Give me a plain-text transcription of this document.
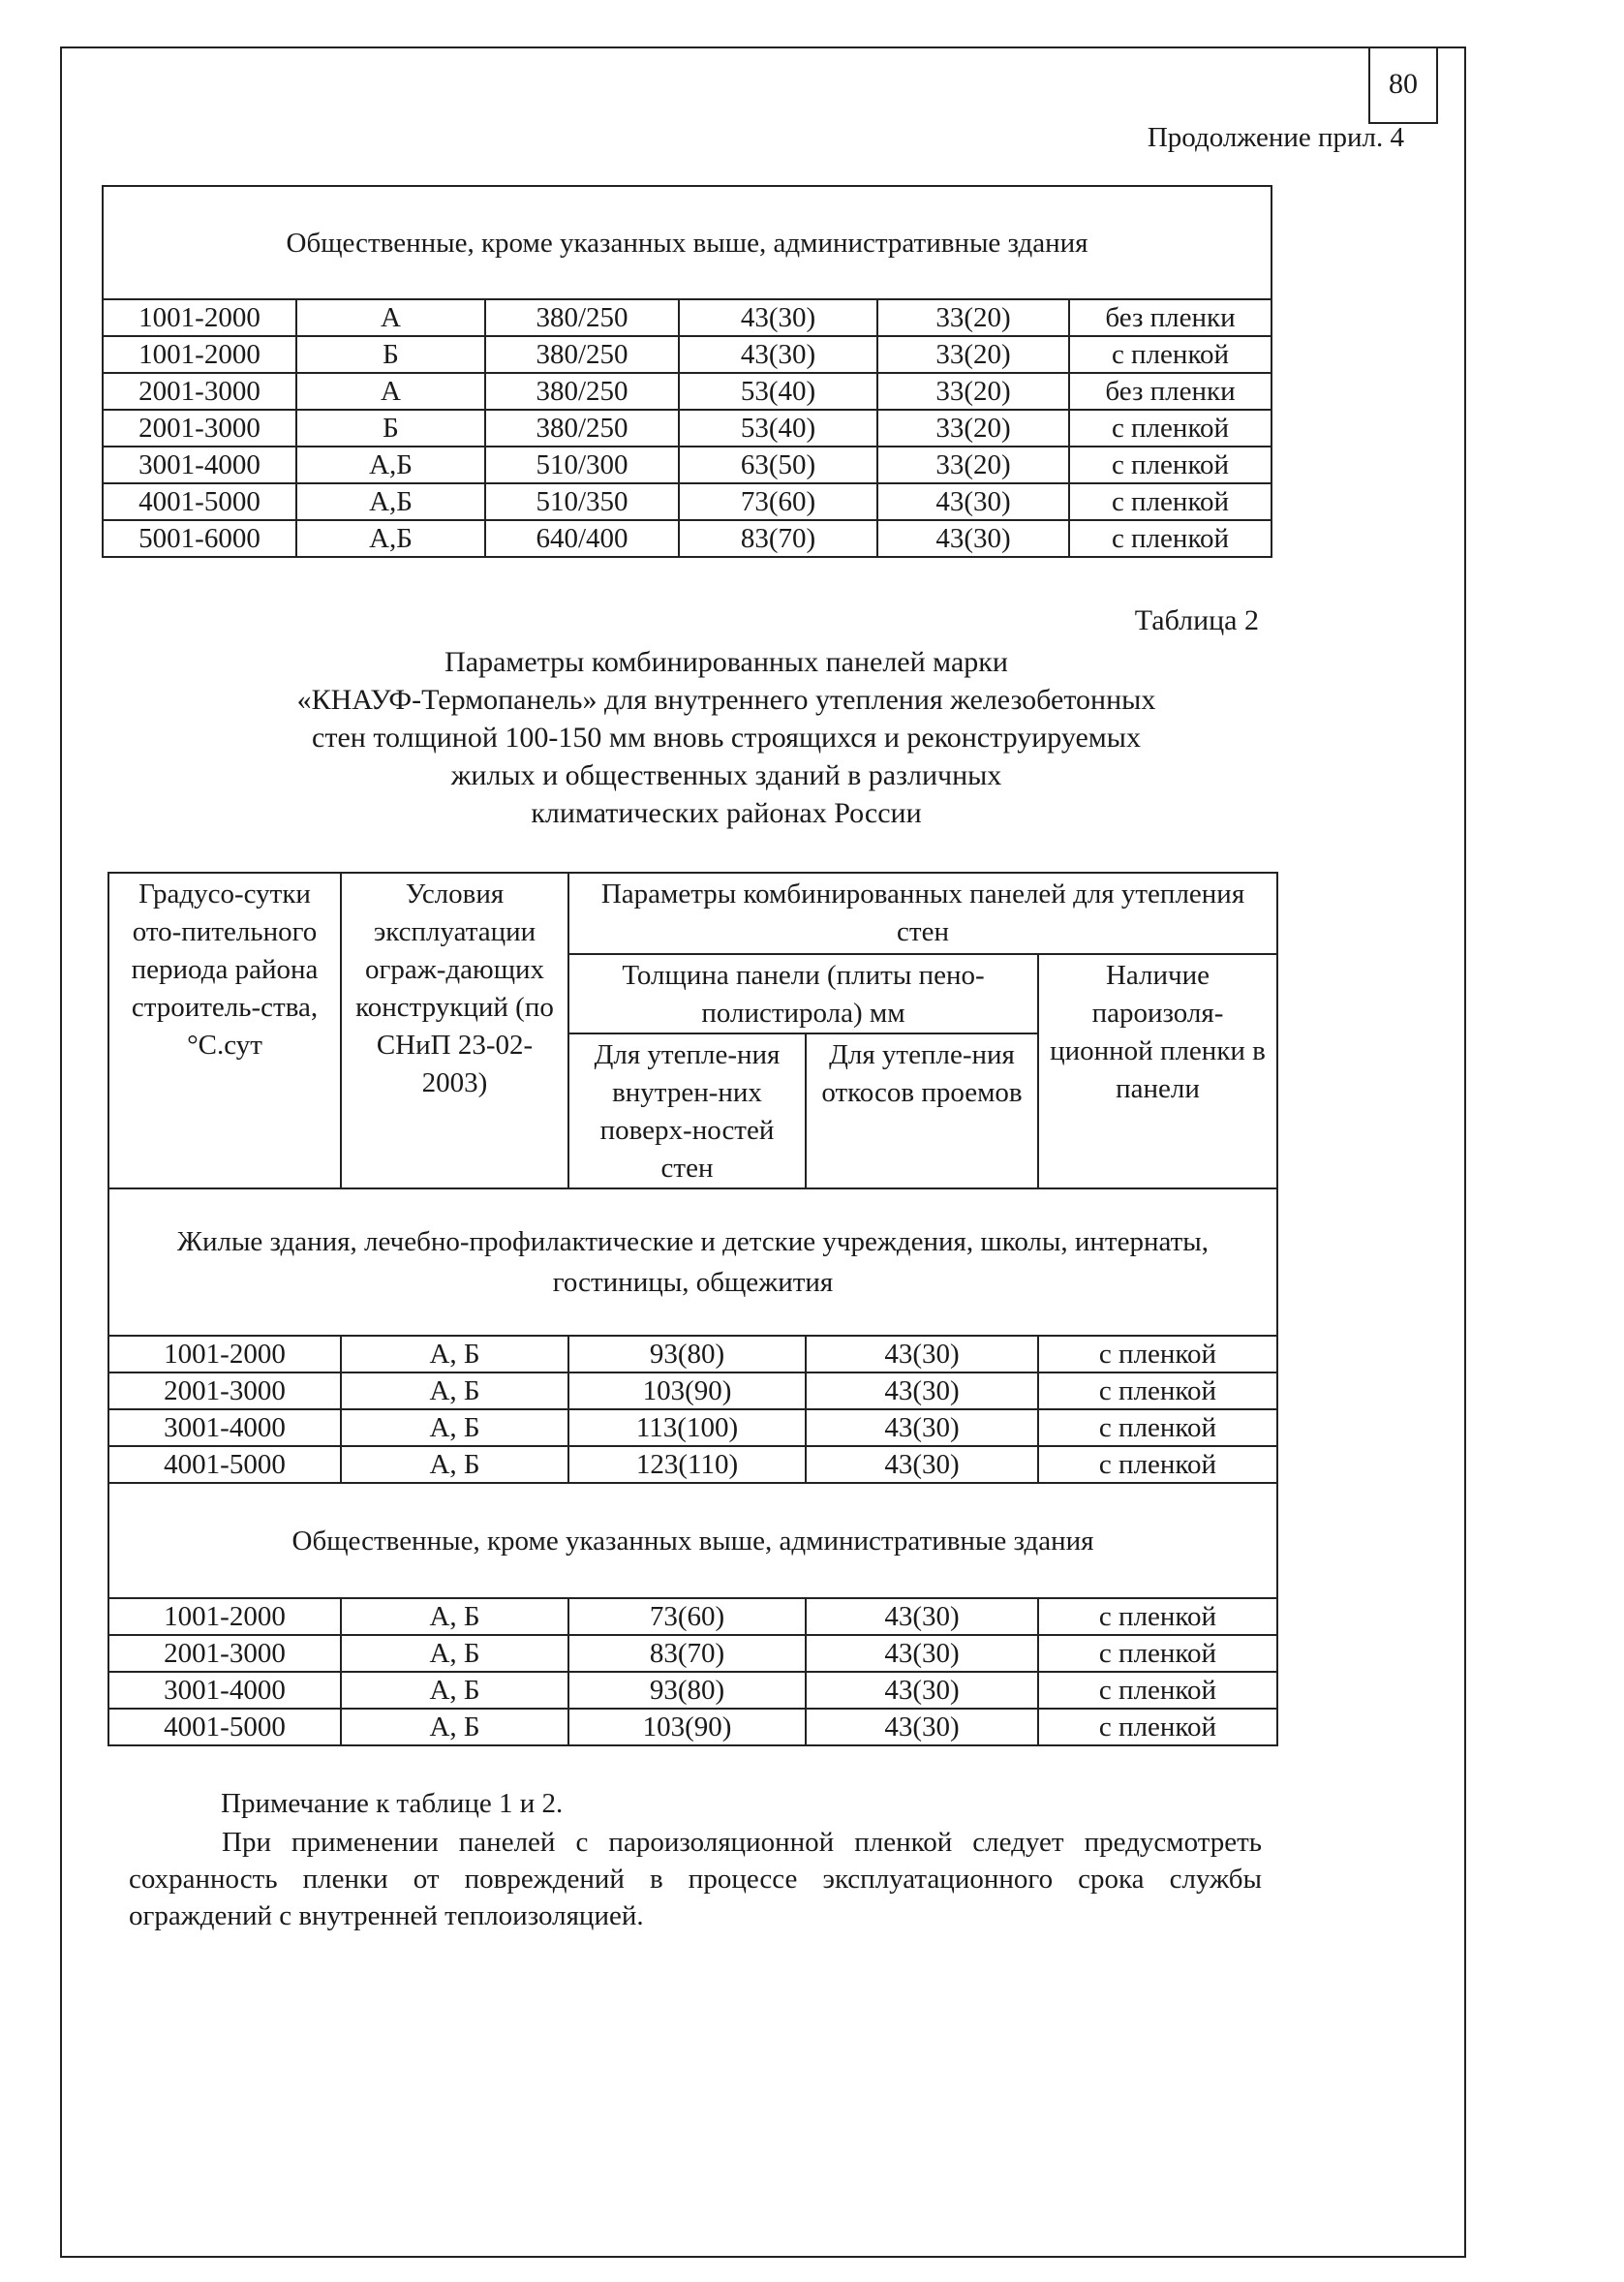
80
Продолжение прил. 4
Общественные, кроме указанных выше, административные здания					
1001-2000	А	380/250	43(30)	33(20)	без пленки
1001-2000	Б	380/250	43(30)	33(20)	с пленкой
2001-3000	А	380/250	53(40)	33(20)	без пленки
2001-3000	Б	380/250	53(40)	33(20)	с пленкой
3001-4000	А,Б	510/300	63(50)	33(20)	с пленкой
4001-5000	А,Б	510/350	73(60)	43(30)	с пленкой
5001-6000	А,Б	640/400	83(70)	43(30)	с пленкой
Таблица 2
Параметры комбинированных панелей марки
«КНАУФ-Термопанель» для внутреннего утепления железобетонных
стен толщиной 100-150 мм вновь строящихся и реконструируемых
жилых и общественных зданий в различных
климатических районах России
Градусо-сутки ото-пительного периода района строитель-ства, °С.сут	Условия эксплуатации ограж-дающих конструкций (по СНиП 23-02-2003)	Параметры комбинированных панелей для утепления стен		
		Толщина панели (плиты пено-полистирола) мм		Наличие пароизоля-ционной пленки в панели
		Для утепле-ния внутрен-них поверх-ностей стен	Для утепле-ния откосов проемов	
Жилые здания, лечебно-профилактические и детские учреждения, школы, интернаты, гостиницы, общежития				
1001-2000	А, Б	93(80)	43(30)	с пленкой
2001-3000	А, Б	103(90)	43(30)	с пленкой
3001-4000	А, Б	113(100)	43(30)	с пленкой
4001-5000	А, Б	123(110)	43(30)	с пленкой
Общественные, кроме указанных выше, административные здания				
1001-2000	А, Б	73(60)	43(30)	с пленкой
2001-3000	А, Б	83(70)	43(30)	с пленкой
3001-4000	А, Б	93(80)	43(30)	с пленкой
4001-5000	А, Б	103(90)	43(30)	с пленкой
Примечание к таблице 1 и 2.
При применении панелей с пароизоляционной пленкой следует предусмотреть сохранность пленки от повреждений в процессе эксплуатационного срока службы ограждений с внутренней теплоизоляцией.
